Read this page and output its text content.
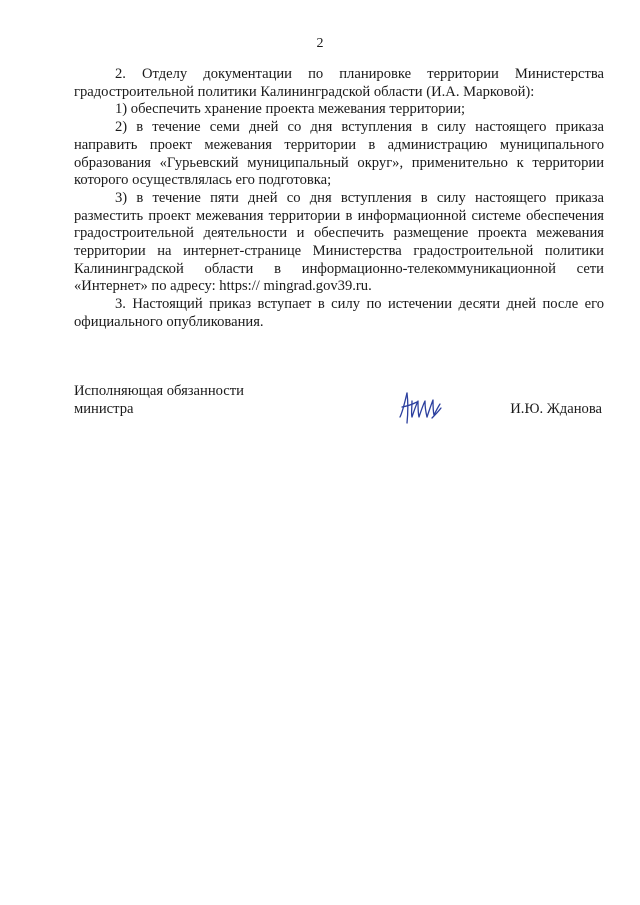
2

2. Отделу документации по планировке территории Министерства градостроительной политики Калининградской области (И.А. Марковой):

1) обеспечить хранение проекта межевания территории;

2) в течение семи дней со дня вступления в силу настоящего приказа направить проект межевания территории в администрацию муниципального образования «Гурьевский муниципальный округ», применительно к территории которого осуществлялась его подготовка;

3) в течение пяти дней со дня вступления в силу настоящего приказа разместить проект межевания территории в информационной системе обеспечения градостроительной деятельности и обеспечить размещение проекта межевания территории на интернет-странице Министерства градостроительной политики Калининградской области в информационно-телекоммуникационной сети «Интернет» по адресу: https:// mingrad.gov39.ru.

3. Настоящий приказ вступает в силу по истечении десяти дней после его официального опубликования.

Исполняющая обязанности
министра	И.Ю. Жданова
